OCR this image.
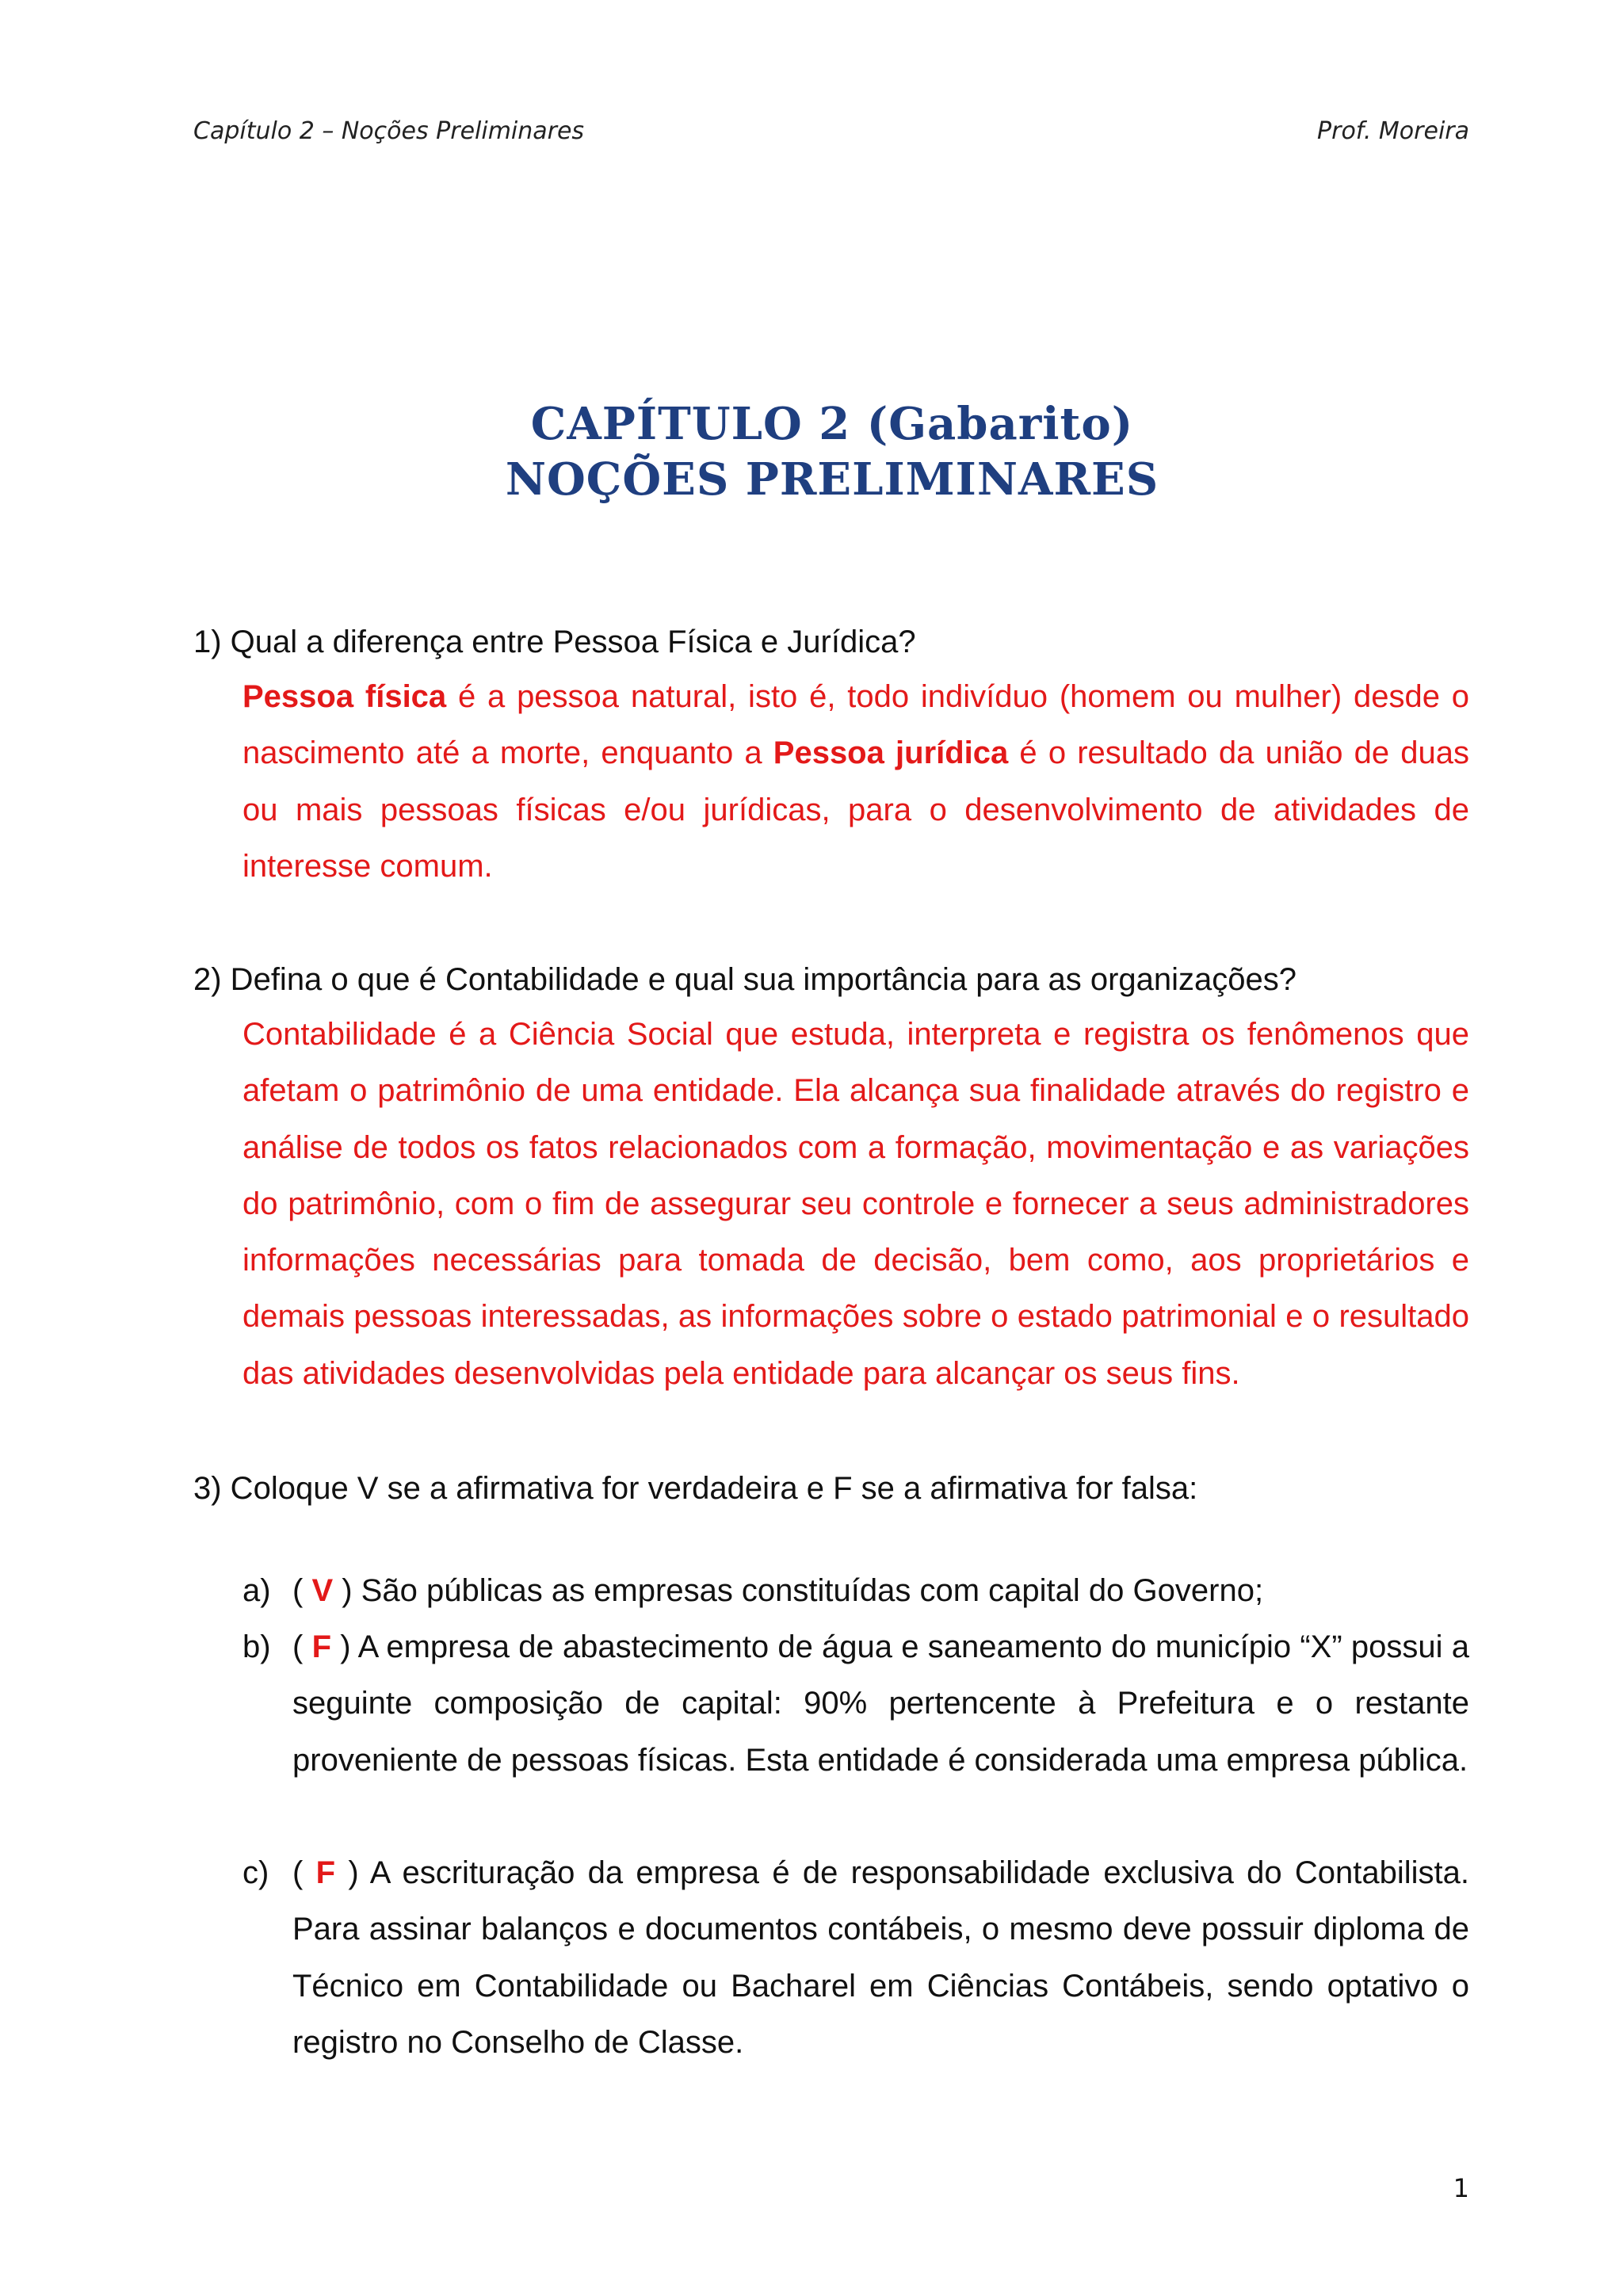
Capítulo 2 – Noções Preliminares	Prof. Moreira
CAPÍTULO 2 (Gabarito)
NOÇÕES PRELIMINARES
1) Qual a diferença entre Pessoa Física e Jurídica?
Pessoa física é a pessoa natural, isto é, todo indivíduo (homem ou mulher) desde o nascimento até a morte, enquanto a Pessoa jurídica é o resultado da união de duas ou mais pessoas físicas e/ou jurídicas, para o desenvolvimento de atividades de interesse comum.
2) Defina o que é Contabilidade e qual sua importância para as organizações?
Contabilidade é a Ciência Social que estuda, interpreta e registra os fenômenos que afetam o patrimônio de uma entidade. Ela alcança sua finalidade através do registro e análise de todos os fatos relacionados com a formação, movimentação e as variações do patrimônio, com o fim de assegurar seu controle e fornecer a seus administradores informações necessárias para tomada de decisão, bem como, aos proprietários e demais pessoas interessadas, as informações sobre o estado patrimonial e o resultado das atividades desenvolvidas pela entidade para alcançar os seus fins.
3) Coloque V se a afirmativa for verdadeira e F se a afirmativa for falsa:
a) ( V ) São públicas as empresas constituídas com capital do Governo;
b) ( F ) A empresa de abastecimento de água e saneamento do município “X” possui a seguinte composição de capital: 90% pertencente à Prefeitura e o restante proveniente de pessoas físicas. Esta entidade é considerada uma empresa pública.
c) ( F ) A escrituração da empresa é de responsabilidade exclusiva do Contabilista. Para assinar balanços e documentos contábeis, o mesmo deve possuir diploma de Técnico em Contabilidade ou Bacharel em Ciências Contábeis, sendo optativo o registro no Conselho de Classe.
1
